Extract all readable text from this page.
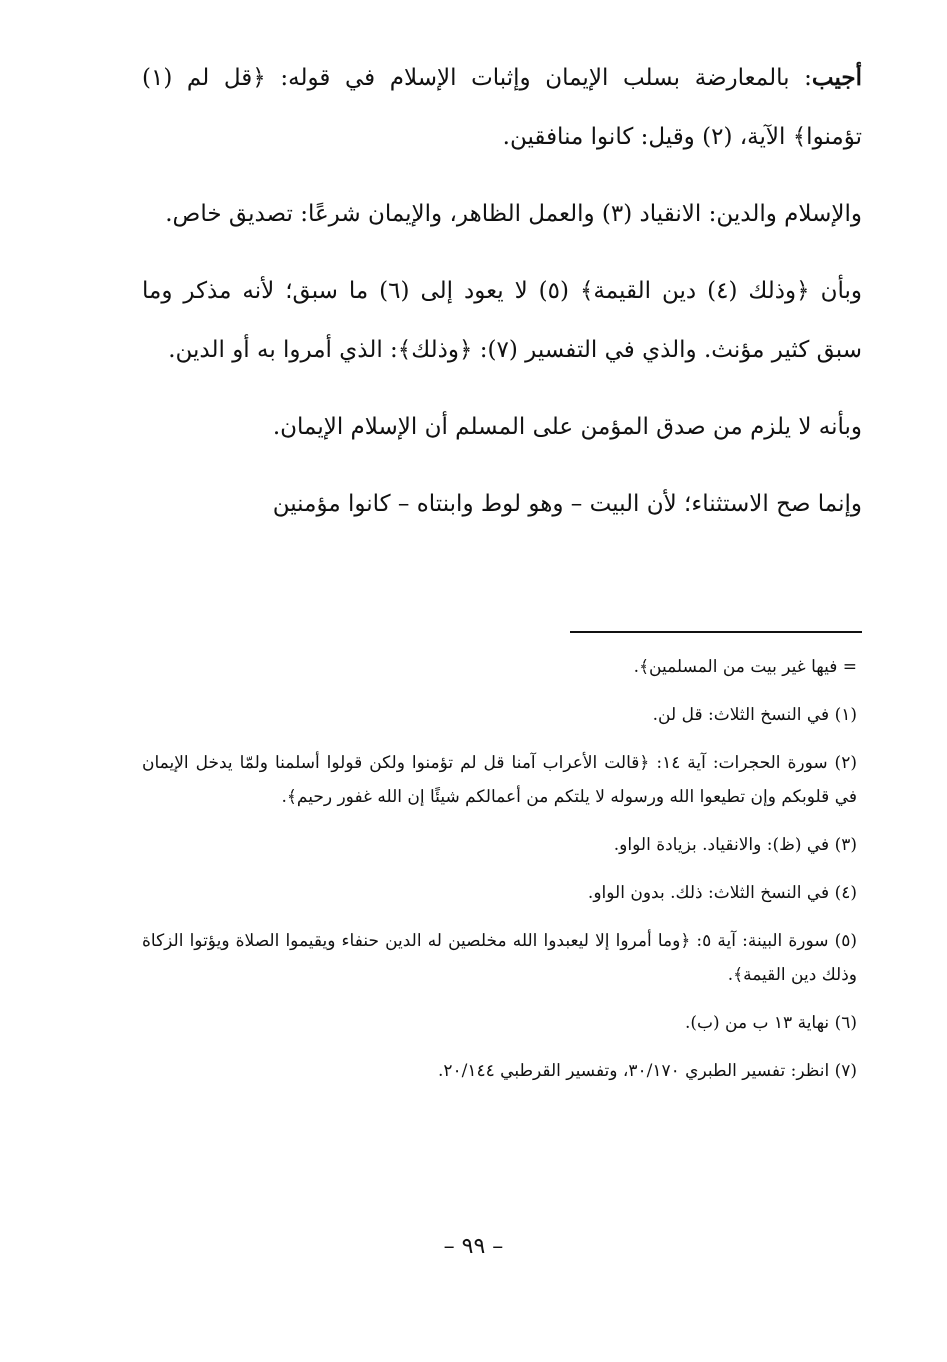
أجيب: بالمعارضة بسلب الإيمان وإثبات الإسلام في قوله: ﴿قل لم (١) تؤمنوا﴾ الآية، (٢) وقيل: كانوا منافقين.

والإسلام والدين: الانقياد (٣) والعمل الظاهر، والإيمان شرعًا: تصديق خاص.

وبأن ﴿وذلك (٤) دين القيمة﴾ (٥) لا يعود إلى (٦) ما سبق؛ لأنه مذكر وما سبق كثير مؤنث. والذي في التفسير (٧): ﴿وذلك﴾: الذي أمروا به أو الدين.

وبأنه لا يلزم من صدق المؤمن على المسلم أن الإسلام الإيمان.

وإنما صح الاستثناء؛ لأن البيت – وهو لوط وابنتاه – كانوا مؤمنين

= فيها غير بيت من المسلمين﴾.

(١) في النسخ الثلاث: قل لن.

(٢) سورة الحجرات: آية ١٤: ﴿قالت الأعراب آمنا قل لم تؤمنوا ولكن قولوا أسلمنا ولمّا يدخل الإيمان في قلوبكم وإن تطيعوا الله ورسوله لا يلتكم من أعمالكم شيئًا إن الله غفور رحيم﴾.

(٣) في (ظ): والانقياد. بزيادة الواو.

(٤) في النسخ الثلاث: ذلك. بدون الواو.

(٥) سورة البينة: آية ٥: ﴿وما أمروا إلا ليعبدوا الله مخلصين له الدين حنفاء ويقيموا الصلاة ويؤتوا الزكاة وذلك دين القيمة﴾.

(٦) نهاية ١٣ ب من (ب).

(٧) انظر: تفسير الطبري ٣٠/١٧٠، وتفسير القرطبي ٢٠/١٤٤.

– ٩٩ –
